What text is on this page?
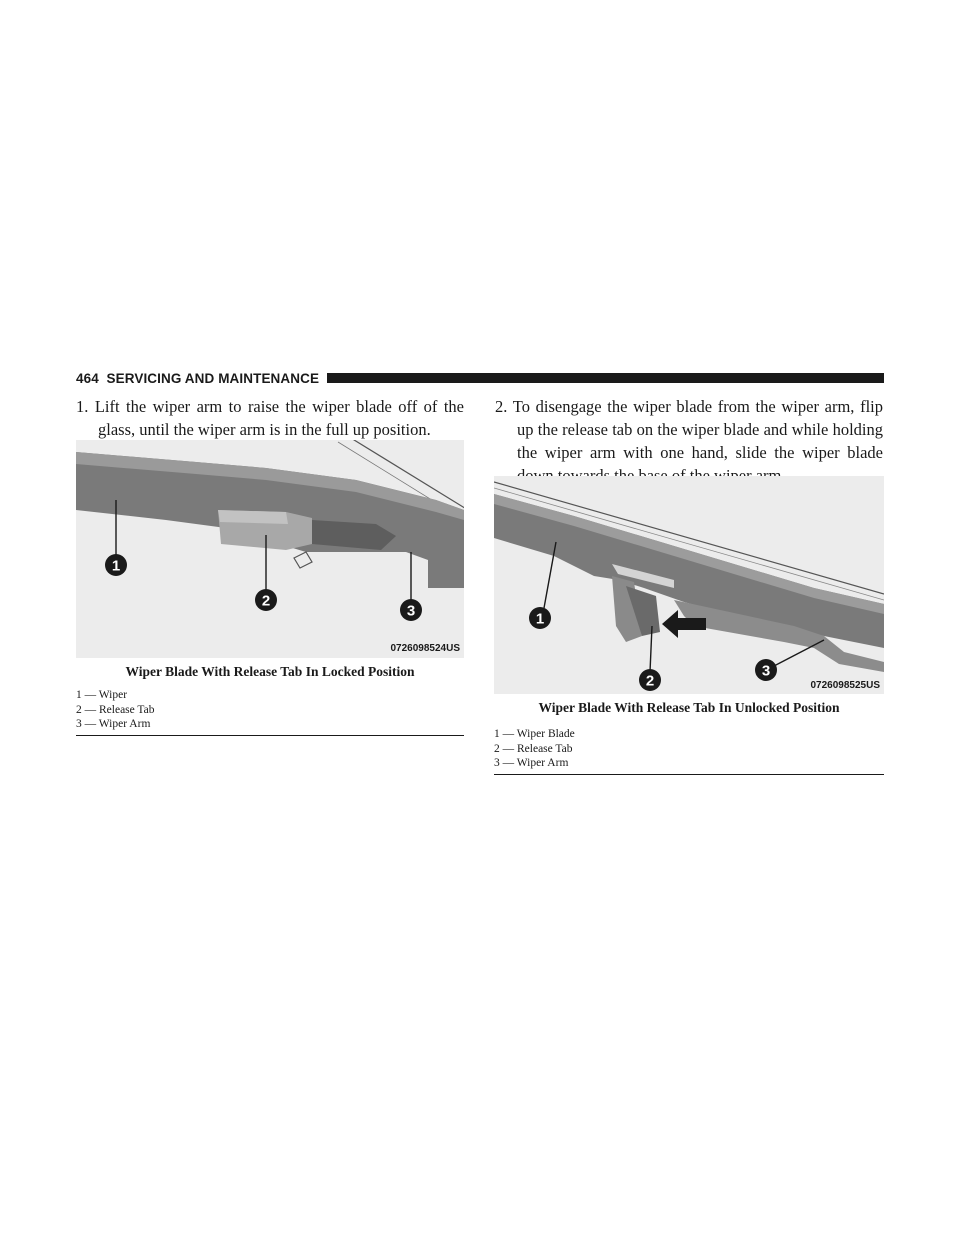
464 SERVICING AND MAINTENANCE

1. Lift the wiper arm to raise the wiper blade off of the glass, until the wiper arm is in the full up position.

2. To disengage the wiper blade from the wiper arm, flip up the release tab on the wiper blade and while holding the wiper arm with one hand, slide the wiper blade

1
2
3
0726098524US
1
2
3
0726098525US

Wiper Blade With Release Tab In Locked Position

Wiper Blade With Release Tab In Unlocked Position

1 — Wiper
2 — Release Tab
3 — Wiper Arm
1 — Wiper Blade
2 — Release Tab
3 — Wiper Arm
